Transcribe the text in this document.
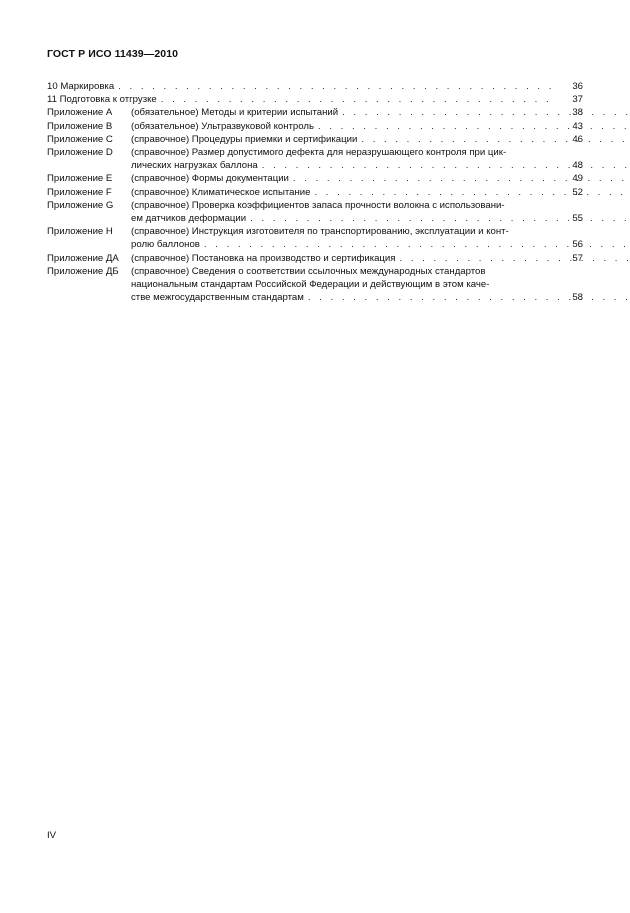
ГОСТ Р ИСО 11439—2010
10 Маркировка . . .	36
11 Подготовка к отгрузке . . .	37
Приложение А	(обязательное) Методы и критерии испытаний . . .	38
Приложение В	(обязательное) Ультразвуковой контроль . . .	43
Приложение С	(справочное) Процедуры приемки и сертификации . . .	46
Приложение D	(справочное) Размер допустимого дефекта для неразрушающего контроля при цик-
лических нагрузках баллона . . .	48
Приложение Е	(справочное) Формы документации . . .	49
Приложение F	(справочное) Климатическое испытание . . .	52
Приложение G	(справочное) Проверка коэффициентов запаса прочности волокна с использовани-
ем датчиков деформации . . .	55
Приложение Н	(справочное) Инструкция изготовителя по транспортированию, эксплуатации и конт-
ролю баллонов . . .	56
Приложение ДА	(справочное) Постановка на производство и сертификация . . .	57
Приложение ДБ	(справочное) Сведения о соответствии ссылочных международных стандартов
национальным стандартам Российской Федерации и действующим в этом каче-
стве межгосударственным стандартам . . .	58
IV
